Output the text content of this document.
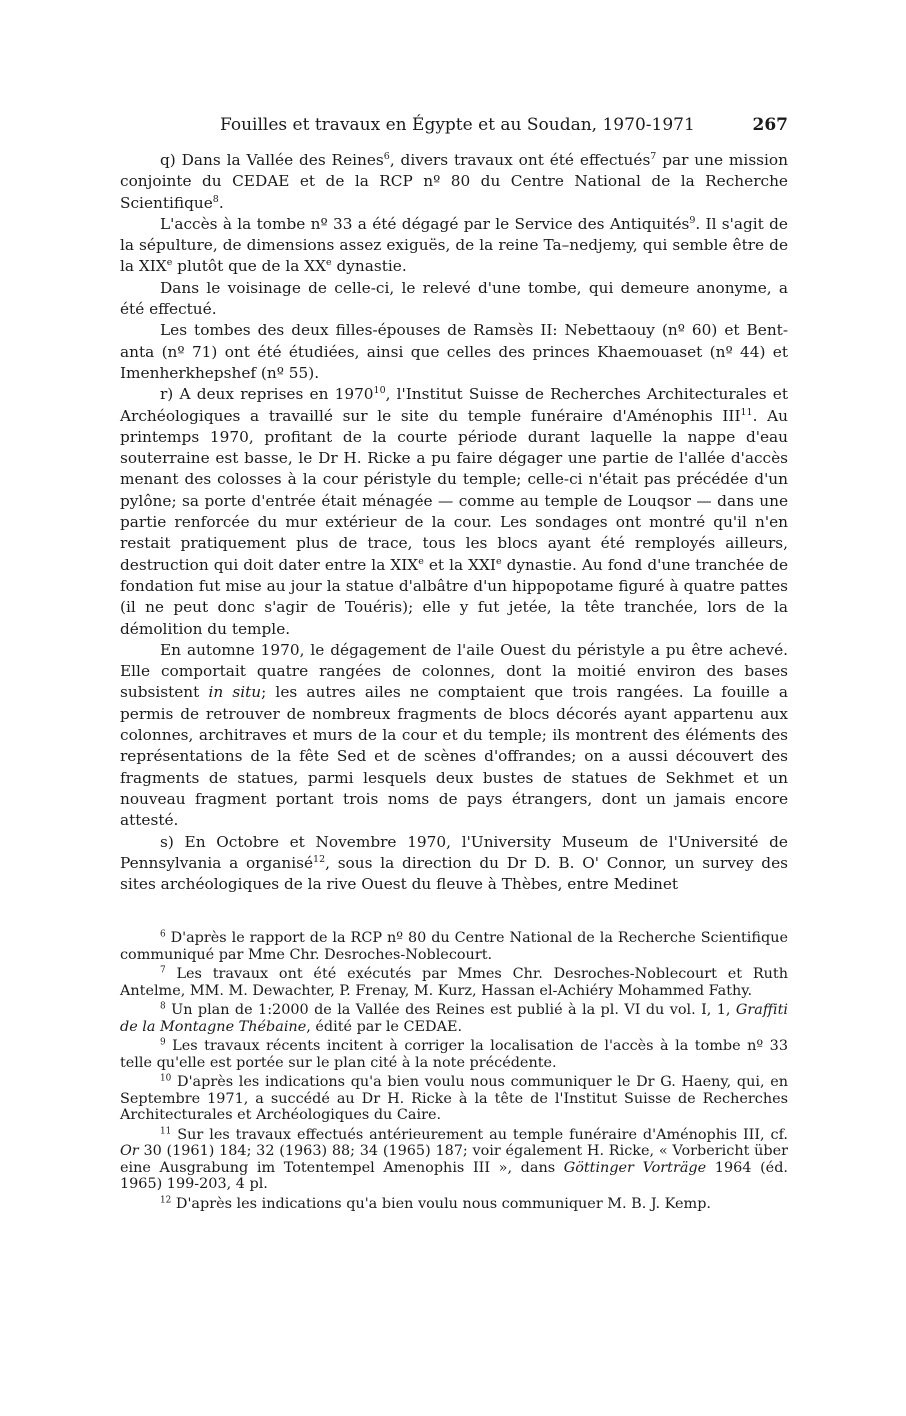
Fouilles et travaux en Égypte et au Soudan, 1970-1971	267

q) Dans la Vallée des Reines$^6$, divers travaux ont été effectués$^7$ par une mission conjointe du CEDAE et de la RCP nº 80 du Centre National de la Recherche Scientifique$^8$.

L'accès à la tombe nº 33 a été dégagé par le Service des Antiquités$^9$. Il s'agit de la sépulture, de dimensions assez exiguës, de la reine Ta–nedjemy, qui semble être de la XIXe plutôt que de la XXe dynastie.

Dans le voisinage de celle-ci, le relevé d'une tombe, qui demeure anonyme, a été effectué.

Les tombes des deux filles-épouses de Ramsès II: Nebettaouy (nº 60) et Bent-anta (nº 71) ont été étudiées, ainsi que celles des princes Khaemouaset (nº 44) et Imenherkhepshef (nº 55).

r) A deux reprises en 1970$^{10}$, l'Institut Suisse de Recherches Architecturales et Archéologiques a travaillé sur le site du temple funéraire d'Aménophis III$^{11}$. Au printemps 1970, profitant de la courte période durant laquelle la nappe d'eau souterraine est basse, le Dr H. Ricke a pu faire dégager une partie de l'allée d'accès menant des colosses à la cour péristyle du temple; celle-ci n'était pas précédée d'un pylône; sa porte d'entrée était ménagée — comme au temple de Louqsor — dans une partie renforcée du mur extérieur de la cour. Les sondages ont montré qu'il n'en restait pratiquement plus de trace, tous les blocs ayant été remployés ailleurs, destruction qui doit dater entre la XIXe et la XXIe dynastie. Au fond d'une tranchée de fondation fut mise au jour la statue d'albâtre d'un hippopotame figuré à quatre pattes (il ne peut donc s'agir de Touéris); elle y fut jetée, la tête tranchée, lors de la démolition du temple.

En automne 1970, le dégagement de l'aile Ouest du péristyle a pu être achevé. Elle comportait quatre rangées de colonnes, dont la moitié environ des bases subsistent in situ; les autres ailes ne comptaient que trois rangées. La fouille a permis de retrouver de nombreux fragments de blocs décorés ayant appartenu aux colonnes, architraves et murs de la cour et du temple; ils montrent des éléments des représentations de la fête Sed et de scènes d'offrandes; on a aussi découvert des fragments de statues, parmi lesquels deux bustes de statues de Sekhmet et un nouveau fragment portant trois noms de pays étrangers, dont un jamais encore attesté.

s) En Octobre et Novembre 1970, l'University Museum de l'Université de Pennsylvania a organisé$^{12}$, sous la direction du Dr D. B. O' Connor, un survey des sites archéologiques de la rive Ouest du fleuve à Thèbes, entre Medinet

$^6$ D'après le rapport de la RCP nº 80 du Centre National de la Recherche Scientifique communiqué par Mme Chr. Desroches-Noblecourt.

$^7$ Les travaux ont été exécutés par Mmes Chr. Desroches-Noblecourt et Ruth Antelme, MM. M. Dewachter, P. Frenay, M. Kurz, Hassan el-Achiéry Mohammed Fathy.

$^8$ Un plan de 1:2000 de la Vallée des Reines est publié à la pl. VI du vol. I, 1, Graffiti de la Montagne Thébaine, édité par le CEDAE.

$^9$ Les travaux récents incitent à corriger la localisation de l'accès à la tombe nº 33 telle qu'elle est portée sur le plan cité à la note précédente.

$^{10}$ D'après les indications qu'a bien voulu nous communiquer le Dr G. Haeny, qui, en Septembre 1971, a succédé au Dr H. Ricke à la tête de l'Institut Suisse de Recherches Architecturales et Archéologiques du Caire.

$^{11}$ Sur les travaux effectués antérieurement au temple funéraire d'Aménophis III, cf. Or 30 (1961) 184; 32 (1963) 88; 34 (1965) 187; voir également H. Ricke, « Vorbericht über eine Ausgrabung im Totentempel Amenophis III », dans Göttinger Vorträge 1964 (éd. 1965) 199-203, 4 pl.

$^{12}$ D'après les indications qu'a bien voulu nous communiquer M. B. J. Kemp.
